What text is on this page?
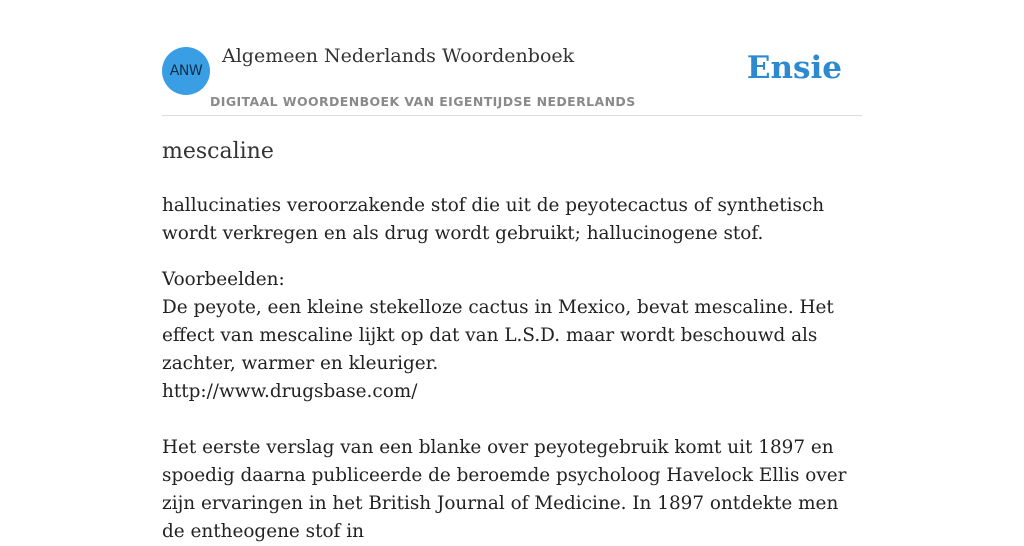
ANW
Algemeen Nederlands Woordenboek
DIGITAAL WOORDENBOEK VAN EIGENTIJDSE NEDERLANDS
Ensie
mescaline

hallucinaties veroorzakende stof die uit de peyotecactus of synthetisch wordt verkregen en als drug wordt gebruikt; hallucinogene stof.

Voorbeelden:
De peyote, een kleine stekelloze cactus in Mexico, bevat mescaline. Het effect van mescaline lijkt op dat van L.S.D. maar wordt beschouwd als zachter, warmer en kleuriger.
http://www.drugsbase.com/
Het eerste verslag van een blanke over peyotegebruik komt uit 1897 en spoedig daarna publiceerde de beroemde psycholoog Havelock Ellis over zijn ervaringen in het British Journal of Medicine. In 1897 ontdekte men de entheogene stof in
